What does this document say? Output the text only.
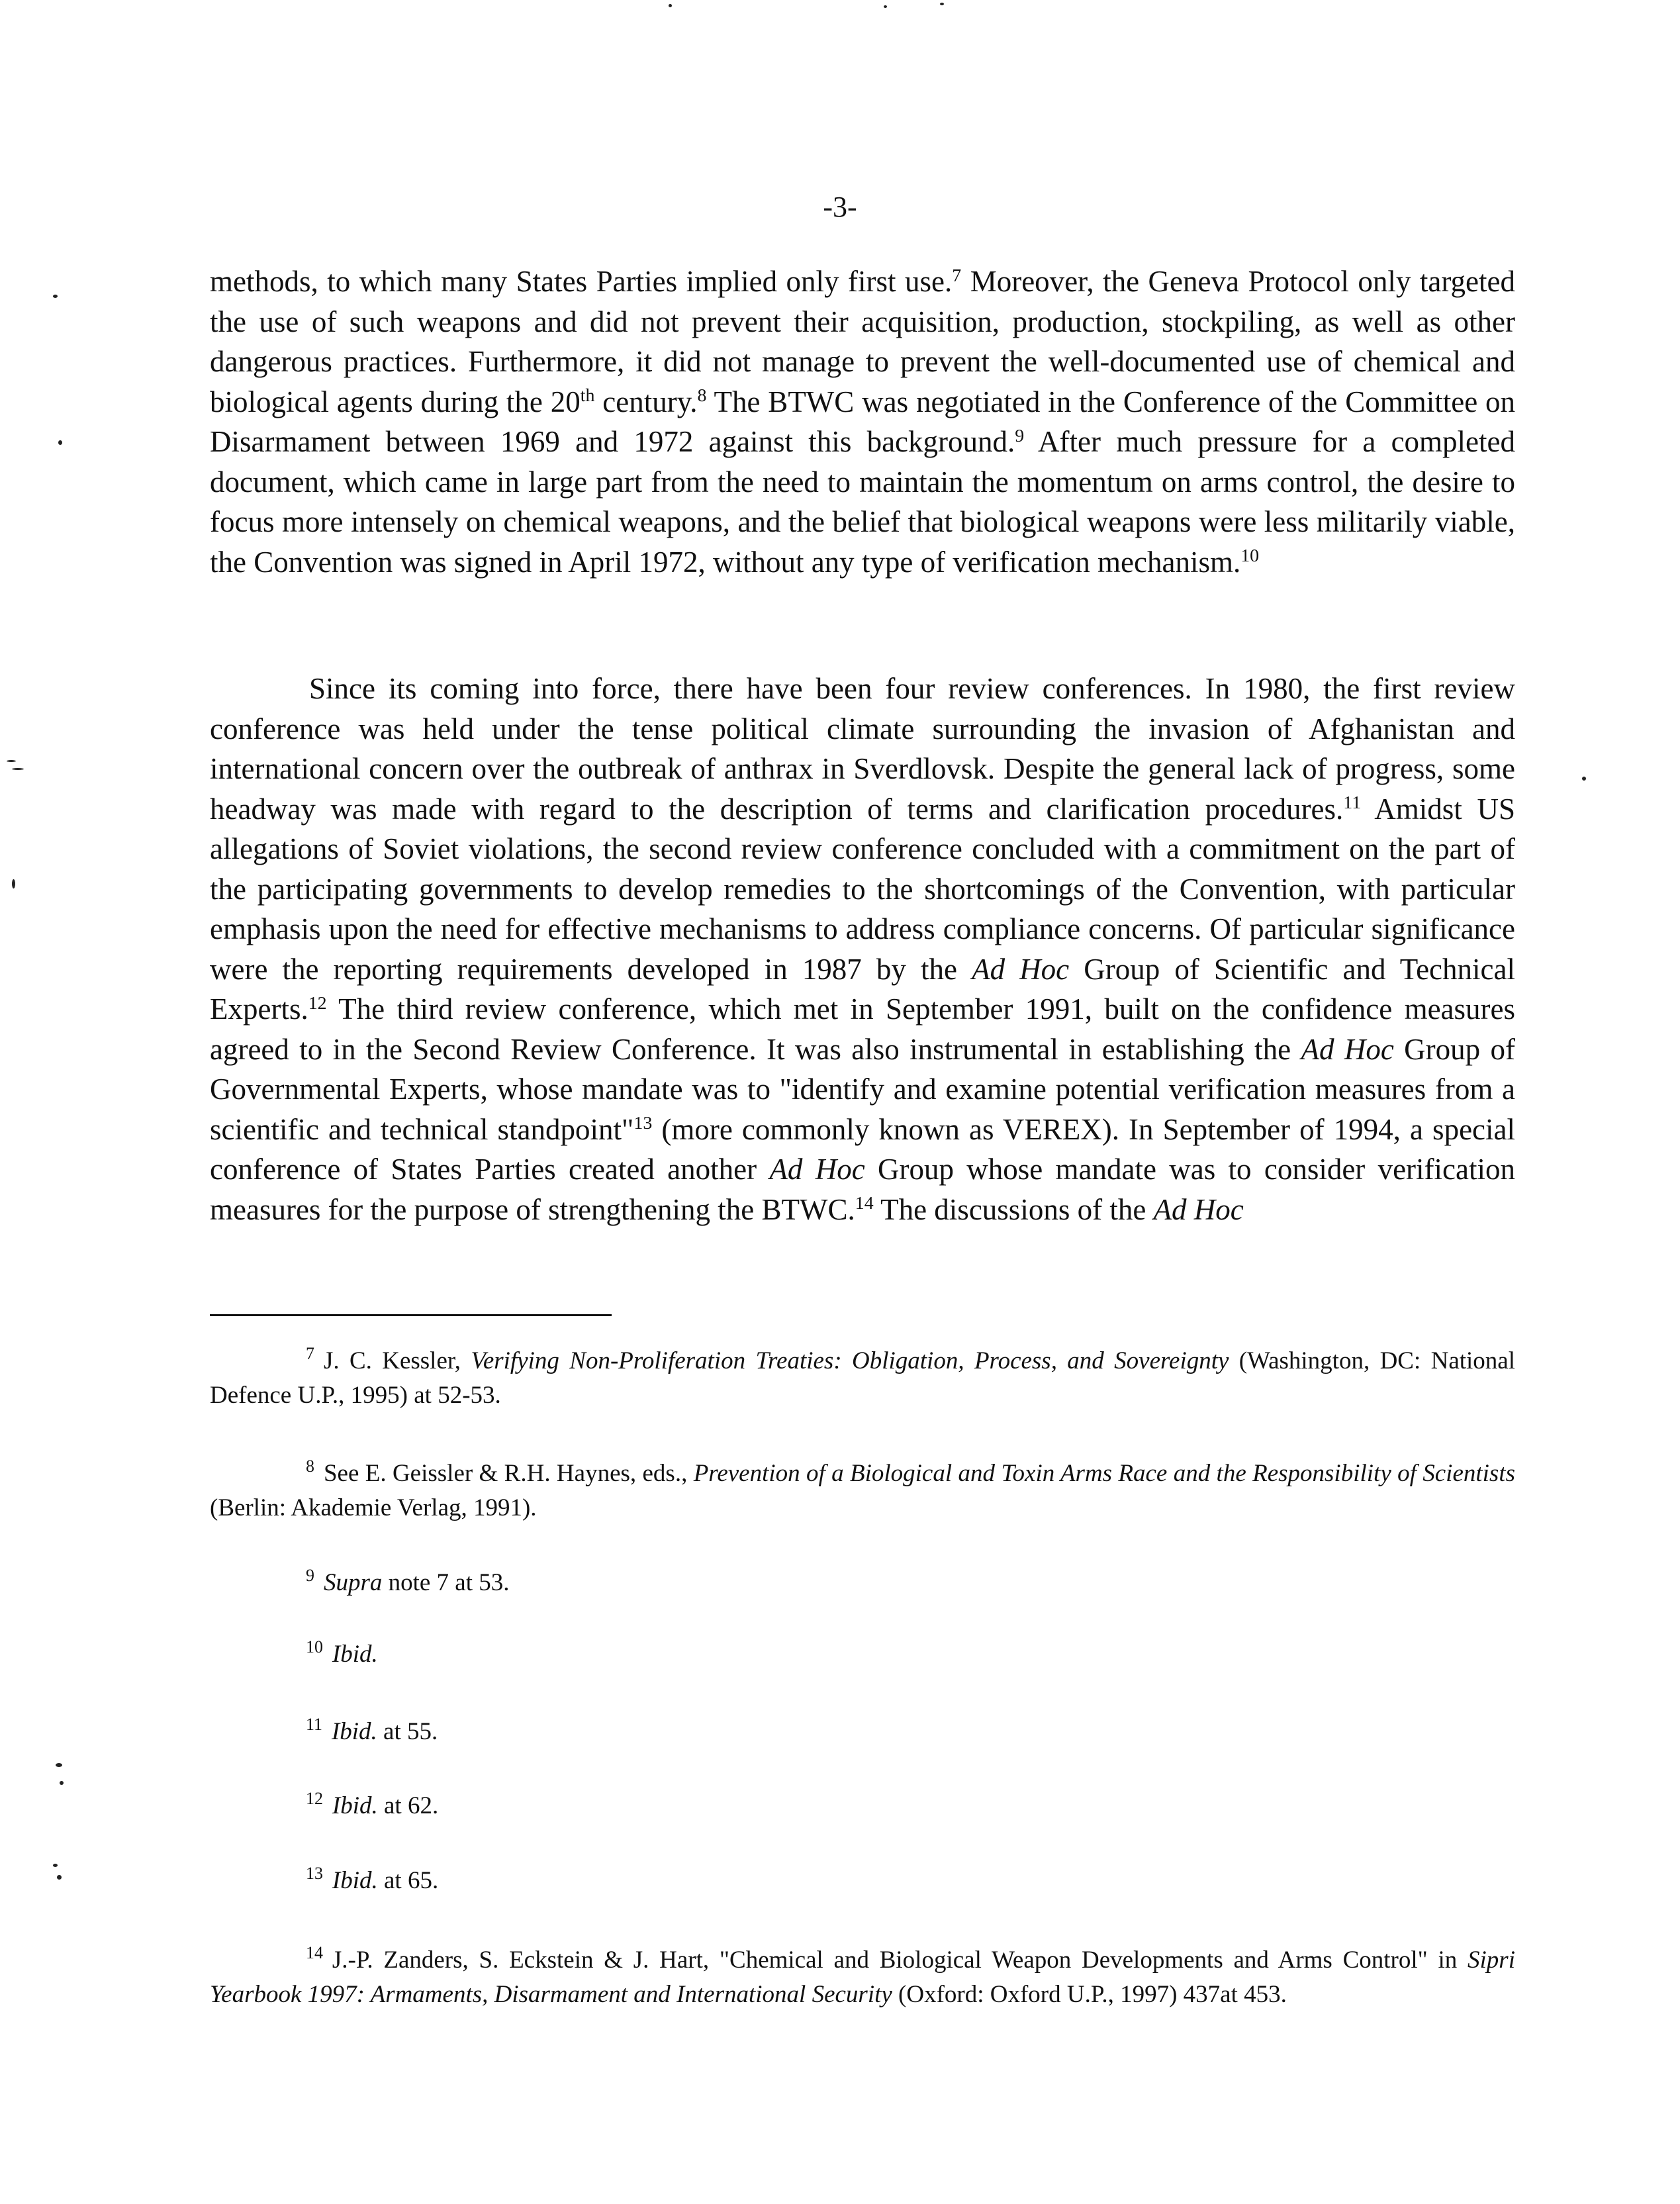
-3-

methods, to which many States Parties implied only first use.$^7$ Moreover, the Geneva Protocol only targeted the use of such weapons and did not prevent their acquisition, production, stockpiling, as well as other dangerous practices. Furthermore, it did not manage to prevent the well-documented use of chemical and biological agents during the 20th century.$^8$ The BTWC was negotiated in the Conference of the Committee on Disarmament between 1969 and 1972 against this background.$^9$ After much pressure for a completed document, which came in large part from the need to maintain the momentum on arms control, the desire to focus more intensely on chemical weapons, and the belief that biological weapons were less militarily viable, the Convention was signed in April 1972, without any type of verification mechanism.$^{10}$

Since its coming into force, there have been four review conferences. In 1980, the first review conference was held under the tense political climate surrounding the invasion of Afghanistan and international concern over the outbreak of anthrax in Sverdlovsk. Despite the general lack of progress, some headway was made with regard to the description of terms and clarification procedures.$^{11}$ Amidst US allegations of Soviet violations, the second review conference concluded with a commitment on the part of the participating governments to develop remedies to the shortcomings of the Convention, with particular emphasis upon the need for effective mechanisms to address compliance concerns. Of particular significance were the reporting requirements developed in 1987 by the Ad Hoc Group of Scientific and Technical Experts.$^{12}$ The third review conference, which met in September 1991, built on the confidence measures agreed to in the Second Review Conference. It was also instrumental in establishing the Ad Hoc Group of Governmental Experts, whose mandate was to "identify and examine potential verification measures from a scientific and technical standpoint"$^{13}$ (more commonly known as VEREX). In September of 1994, a special conference of States Parties created another Ad Hoc Group whose mandate was to consider verification measures for the purpose of strengthening the BTWC.$^{14}$ The discussions of the Ad Hoc

$^7$ J. C. Kessler, Verifying Non-Proliferation Treaties: Obligation, Process, and Sovereignty (Washington, DC: National Defence U.P., 1995) at 52-53.

$^8$ See E. Geissler & R.H. Haynes, eds., Prevention of a Biological and Toxin Arms Race and the Responsibility of Scientists (Berlin: Akademie Verlag, 1991).

$^9$ Supra note 7 at 53.

$^{10}$ Ibid.

$^{11}$ Ibid. at 55.

$^{12}$ Ibid. at 62.

$^{13}$ Ibid. at 65.

$^{14}$ J.-P. Zanders, S. Eckstein & J. Hart, "Chemical and Biological Weapon Developments and Arms Control" in Sipri Yearbook 1997: Armaments, Disarmament and International Security (Oxford: Oxford U.P., 1997) 437at 453.
